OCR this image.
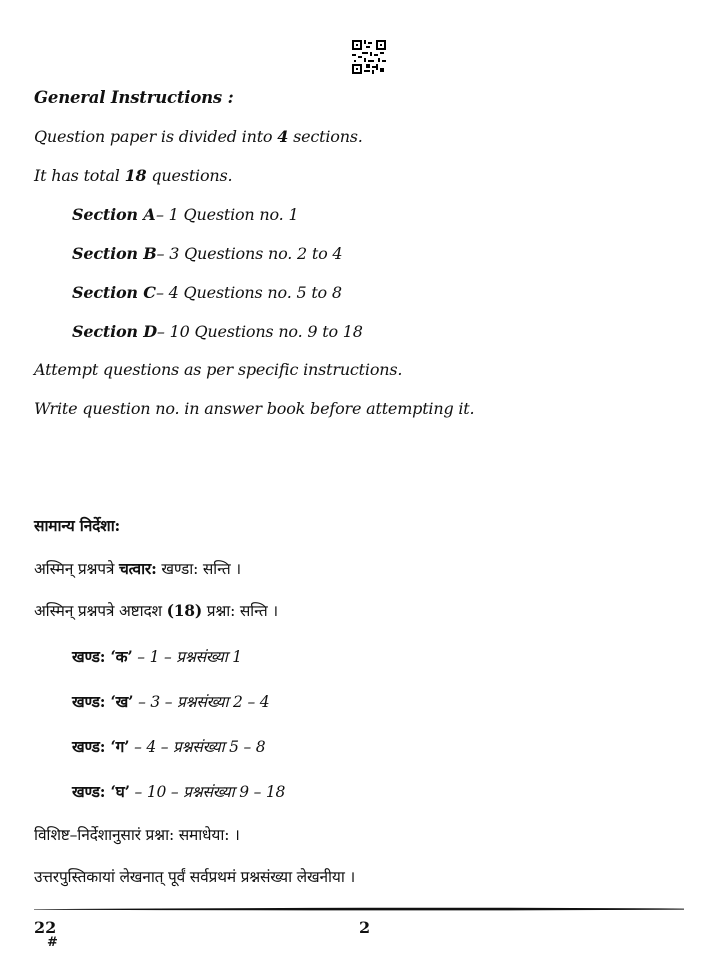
General Instructions :
Question paper is divided into 4 sections.
It has total 18 questions.
Section A– 1 Question no. 1
Section B– 3 Questions no. 2 to 4
Section C– 4 Questions no. 5 to 8
Section D– 10 Questions no. 9 to 18
Attempt questions as per specific instructions.
Write question no. in answer book before attempting it.
सामान्य निर्देशा:
अस्मिन् प्रश्नपत्रे चत्वार: खण्डा: सन्ति ।
अस्मिन् प्रश्नपत्रे अष्टादश (18) प्रश्ना: सन्ति ।
खण्ड: ‘क’ – 1 – प्रश्नसंख्या 1
खण्ड: ‘ख’ – 3 – प्रश्नसंख्या 2 – 4
खण्ड: ‘ग’ – 4 – प्रश्नसंख्या 5 – 8
खण्ड: ‘घ’ – 10 – प्रश्नसंख्या 9 – 18
विशिष्ट–निर्देशानुसारं प्रश्ना: समाधेया: ।
उत्तरपुस्तिकायां लेखनात् पूर्वं सर्वप्रथमं प्रश्नसंख्या लेखनीया ।
22
#
2
